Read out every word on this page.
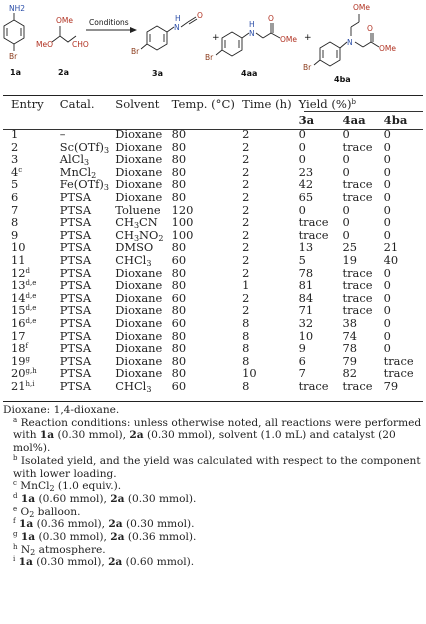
NH2
Br
1a
OMe
MeO	CHO
2a
Conditions
N
H O
Br
3a
+	N
H
O
OMe
Br
4aa
+	N
OMe
O
OMe
Br
4ba
Entry	Catal.	Solvent	Temp. (°C)	Time (h)	Yield (%)$^b$
					3a	4aa	4ba
1	–	Dioxane	80	2	0	0	0
2	$Sc(OTf)_3$	Dioxane	80	2	0	trace	0
3	AlCl$_3$	Dioxane	80	2	0	0	0
4$^c$	MnCl$_2$	Dioxane	80	2	23	0	0
5	$Fe(OTf)_3$	Dioxane	80	2	42	trace	0
6	PTSA	Dioxane	80	2	65	trace	0
7	PTSA	Toluene	120	2	0	0	0
8	PTSA	$CH_3CN$	100	2	trace	0	0
9	PTSA	$CH_3NO_2$	100	2	trace	0	0
10	PTSA	DMSO	80	2	13	25	21
11	PTSA	CHCl$_3$	60	2	5	19	40
12$^d$	PTSA	Dioxane	80	2	78	trace	0
13$^{d,e}$	PTSA	Dioxane	80	1	81	trace	0
14$^{d,e}$	PTSA	Dioxane	60	2	84	trace	0
15$^{d,e}$	PTSA	Dioxane	80	2	71	trace	0
16$^{d,e}$	PTSA	Dioxane	60	8	32	38	0
17	PTSA	Dioxane	80	8	10	74	0
18$^f$	PTSA	Dioxane	80	8	9	78	0
19$^g$	PTSA	Dioxane	80	8	6	79	trace
20$^{g,h}$	PTSA	Dioxane	80	10	7	82	trace
21$^{h,i}$	PTSA	CHCl$_3$	60	8	trace	trace	79

Dioxane: 1,4-dioxane.

$^a$ Reaction conditions: unless otherwise noted, all reactions were performed with 1a (0.30 mmol), 2a (0.30 mmol), solvent (1.0 mL) and catalyst (20 mol%).

$^b$ Isolated yield, and the yield was calculated with respect to the component with lower loading.

$^c$ MnCl$_2$ (1.0 equiv.).

$^d$ 1a (0.60 mmol), 2a (0.30 mmol).

$^e$ $O_2$ balloon.

$^f$ 1a (0.36 mmol), 2a (0.30 mmol).

$^g$ 1a (0.30 mmol), 2a (0.36 mmol).

$^h$ $N_2$ atmosphere.

$^i$ 1a (0.30 mmol), 2a (0.60 mmol).
